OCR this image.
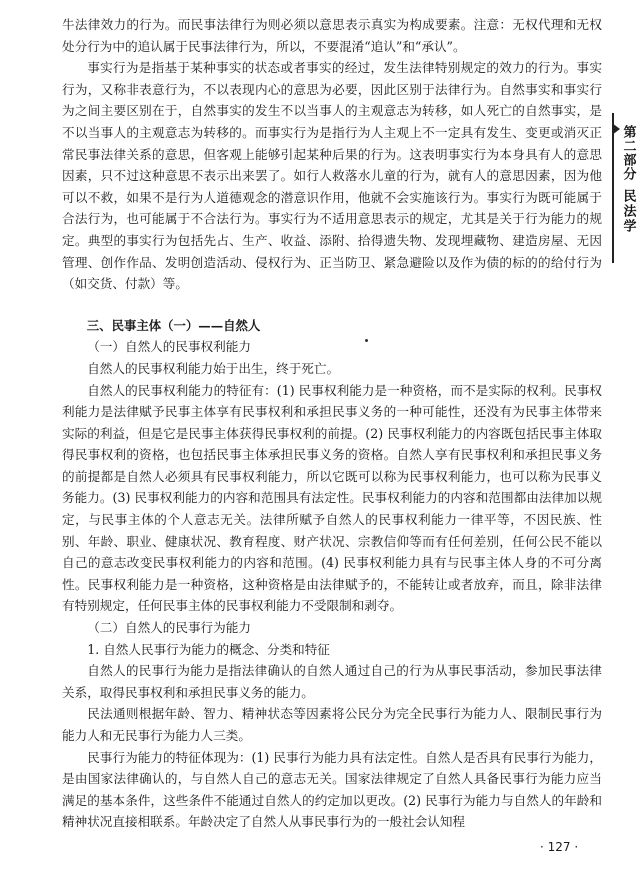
牛法律效力的行为。而民事法律行为则必须以意思表示真实为构成要素。注意：无权代理和无权处分行为中的追认属于民事法律行为，所以，不要混淆“追认”和“承认”。

事实行为是指基于某种事实的状态或者事实的经过，发生法律特别规定的效力的行为。事实行为，又称非表意行为，不以表现内心的意思为必要，因此区别于法律行为。自然事实和事实行为之间主要区别在于，自然事实的发生不以当事人的主观意志为转移，如人死亡的自然事实，是不以当事人的主观意志为转移的。而事实行为是指行为人主观上不一定具有发生、变更或消灭正常民事法律关系的意思，但客观上能够引起某种后果的行为。这表明事实行为本身具有人的意思因素，只不过这种意思不表示出来罢了。如行人救落水儿童的行为，就有人的意思因素，因为他可以不救，如果不是行为人道德观念的潜意识作用，他就不会实施该行为。事实行为既可能属于合法行为，也可能属于不合法行为。事实行为不适用意思表示的规定，尤其是关于行为能力的规定。典型的事实行为包括先占、生产、收益、添附、拾得遗失物、发现埋藏物、建造房屋、无因管理、创作作品、发明创造活动、侵权行为、正当防卫、紧急避险以及作为债的标的的给付行为（如交货、付款）等。

三、民事主体（一）——自然人

（一）自然人的民事权利能力

自然人的民事权利能力始于出生，终于死亡。

自然人的民事权利能力的特征有：(1) 民事权利能力是一种资格，而不是实际的权利。民事权利能力是法律赋予民事主体享有民事权利和承担民事义务的一种可能性，还没有为民事主体带来实际的利益，但是它是民事主体获得民事权利的前提。(2) 民事权利能力的内容既包括民事主体取得民事权利的资格，也包括民事主体承担民事义务的资格。自然人享有民事权利和承担民事义务的前提都是自然人必须具有民事权利能力，所以它既可以称为民事权利能力，也可以称为民事义务能力。(3) 民事权利能力的内容和范围具有法定性。民事权利能力的内容和范围都由法律加以规定，与民事主体的个人意志无关。法律所赋予自然人的民事权利能力一律平等，不因民族、性别、年龄、职业、健康状况、教育程度、财产状况、宗教信仰等而有任何差别，任何公民不能以自己的意志改变民事权利能力的内容和范围。(4) 民事权利能力具有与民事主体人身的不可分离性。民事权利能力是一种资格，这种资格是由法律赋予的，不能转让或者放弃，而且，除非法律有特别规定，任何民事主体的民事权利能力不受限制和剥夺。

（二）自然人的民事行为能力

1. 自然人民事行为能力的概念、分类和特征

自然人的民事行为能力是指法律确认的自然人通过自己的行为从事民事活动，参加民事法律关系，取得民事权利和承担民事义务的能力。

民法通则根据年龄、智力、精神状态等因素将公民分为完全民事行为能力人、限制民事行为能力人和无民事行为能力人三类。

民事行为能力的特征体现为：(1) 民事行为能力具有法定性。自然人是否具有民事行为能力，是由国家法律确认的，与自然人自己的意志无关。国家法律规定了自然人具备民事行为能力应当满足的基本条件，这些条件不能通过自然人的约定加以更改。(2) 民事行为能力与自然人的年龄和精神状况直接相联系。年龄决定了自然人从事民事行为的一般社会认知程

第二部分
民法学
· 127 ·
